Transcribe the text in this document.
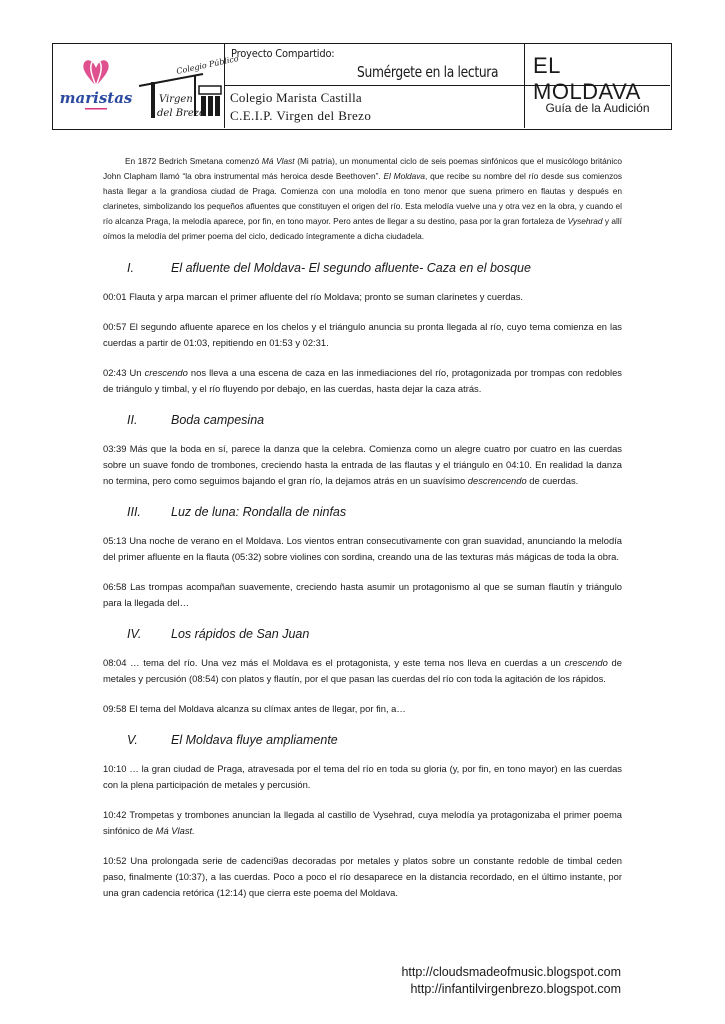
maristas
Colegio Público
Virgen
del Brezo
Proyecto Compartido:
Sumérgete en la lectura
Colegio Marista Castilla
C.E.I.P. Virgen del Brezo
EL MOLDAVA
Guía de la Audición

En 1872 Bedrich Smetana comenzó Má Vlast (Mi patria), un monumental ciclo de seis poemas sinfónicos que el musicólogo británico John Clapham llamó “la obra instrumental más heroica desde Beethoven”. El Moldava, que recibe su nombre del río desde sus comienzos hasta llegar a la grandiosa ciudad de Praga. Comienza con una molodía en tono menor que suena primero en flautas y después en clarinetes, simbolizando los pequeños afluentes que constituyen el origen del río. Esta melodía vuelve una y otra vez en la obra, y cuando el río alcanza Praga, la melodía aparece, por fin, en tono mayor. Pero antes de llegar a su destino, pasa por la gran fortaleza de Vysehrad y allí oímos la melodía del primer poema del ciclo, dedicado íntegramente a dicha ciudadela.

I.	El afluente del Moldava- El segundo afluente- Caza en el bosque

00:01 Flauta y arpa marcan el primer afluente del río Moldava; pronto se suman clarinetes y cuerdas.

00:57 El segundo afluente aparece en los chelos y el triángulo anuncia su pronta llegada al río, cuyo tema comienza en las cuerdas a partir de 01:03, repitiendo en 01:53 y 02:31.

02:43 Un crescendo nos lleva a una escena de caza en las inmediaciones del río, protagonizada por trompas con redobles de triángulo y timbal, y el río fluyendo por debajo, en las cuerdas, hasta dejar la caza atrás.

II.	Boda campesina

03:39 Más que la boda en sí, parece la danza que la celebra. Comienza como un alegre cuatro por cuatro en las cuerdas sobre un suave fondo de trombones, creciendo hasta la entrada de las flautas y el triángulo en 04:10. En realidad la danza no termina, pero como seguimos bajando el gran río, la dejamos atrás en un suavísimo descrencendo de cuerdas.

III.	Luz de luna: Rondalla de ninfas

05:13 Una noche de verano en el Moldava. Los vientos entran consecutivamente con gran suavidad, anunciando la melodía del primer afluente en la flauta (05:32) sobre violines con sordina, creando una de las texturas más mágicas de toda la obra.

06:58 Las trompas acompañan suavemente, creciendo hasta asumir un protagonismo al que se suman flautín y triángulo para la llegada del…

IV.	Los rápidos de San Juan

08:04 … tema del río. Una vez más el Moldava es el protagonista, y este tema nos lleva en cuerdas a un crescendo de metales y percusión (08:54) con platos y flautín, por el que pasan las cuerdas del río con toda la agitación de los rápidos.

09:58 El tema del Moldava alcanza su clímax antes de llegar, por fin, a…

V.	El Moldava fluye ampliamente

10:10 … la gran ciudad de Praga, atravesada por el tema del río en toda su gloria (y, por fin, en tono mayor) en las cuerdas con la plena participación de metales y percusión.

10:42 Trompetas y trombones anuncian la llegada al castillo de Vysehrad, cuya melodía ya protagonizaba el primer poema sinfónico de Má Vlast.

10:52 Una prolongada serie de cadenci9as decoradas por metales y platos sobre un constante redoble de timbal ceden paso, finalmente (10:37), a las cuerdas. Poco a poco el río desaparece en la distancia recordado, en el último instante, por una gran cadencia retórica (12:14) que cierra este poema del Moldava.

http://cloudsmadeofmusic.blogspot.com
http://infantilvirgenbrezo.blogspot.com
